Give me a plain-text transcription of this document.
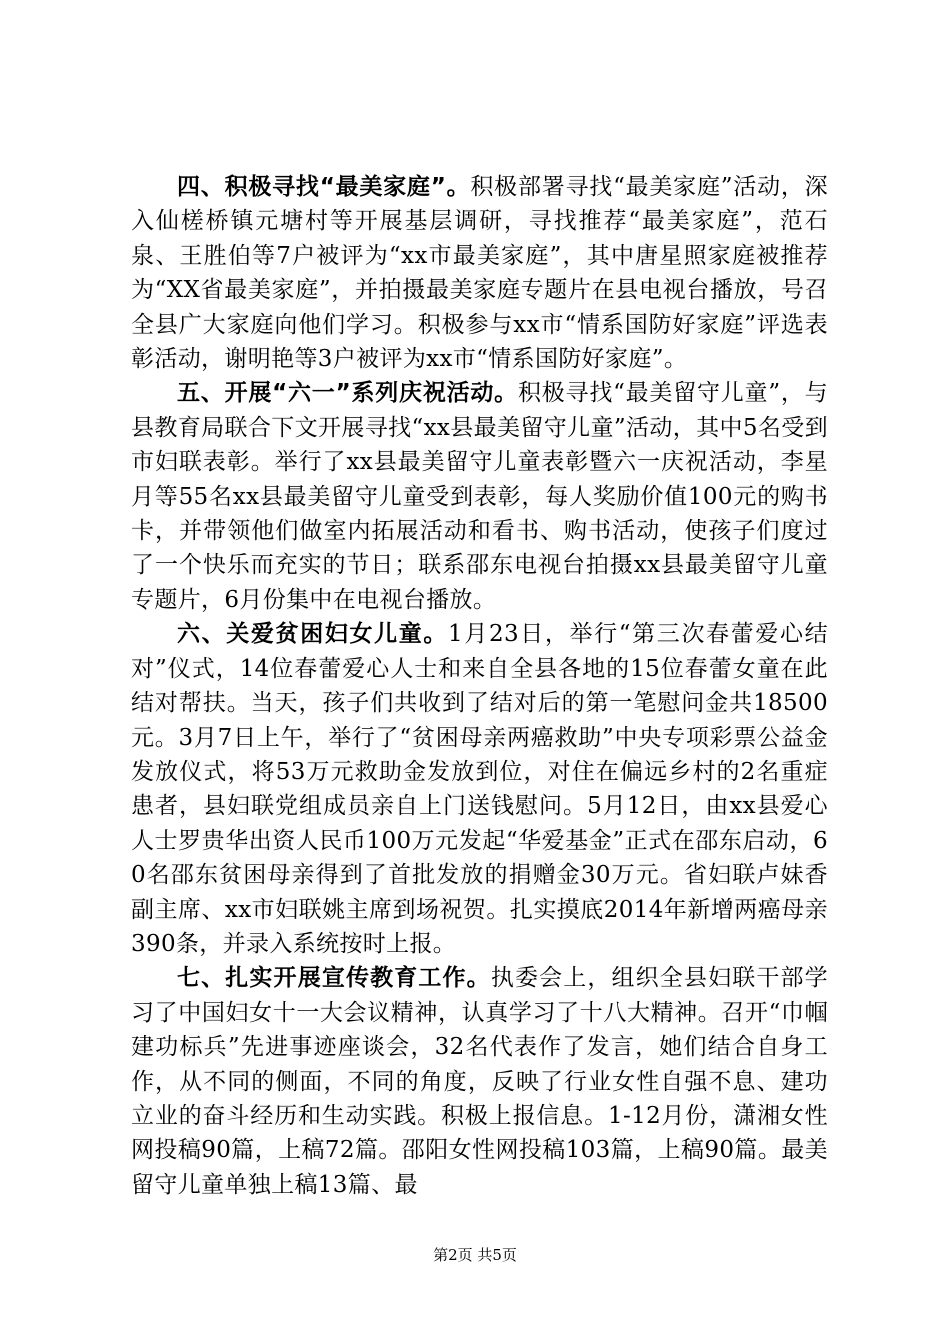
四、积极寻找“最美家庭”。积极部署寻找“最美家庭”活动，深入仙槎桥镇元塘村等开展基层调研，寻找推荐“最美家庭”，范石泉、王胜伯等7户被评为“xx市最美家庭”，其中唐星照家庭被推荐为“XX省最美家庭”，并拍摄最美家庭专题片在县电视台播放，号召全县广大家庭向他们学习。积极参与xx市“情系国防好家庭”评选表彰活动，谢明艳等3户被评为xx市“情系国防好家庭”。

五、开展“六一”系列庆祝活动。积极寻找“最美留守儿童”，与县教育局联合下文开展寻找“xx县最美留守儿童”活动，其中5名受到市妇联表彰。举行了xx县最美留守儿童表彰暨六一庆祝活动，李星月等55名xx县最美留守儿童受到表彰，每人奖励价值100元的购书卡，并带领他们做室内拓展活动和看书、购书活动，使孩子们度过了一个快乐而充实的节日；联系邵东电视台拍摄xx县最美留守儿童专题片，6月份集中在电视台播放。

六、关爱贫困妇女儿童。1月23日，举行“第三次春蕾爱心结对”仪式，14位春蕾爱心人士和来自全县各地的15位春蕾女童在此结对帮扶。当天，孩子们共收到了结对后的第一笔慰问金共18500元。3月7日上午，举行了“贫困母亲两癌救助”中央专项彩票公益金发放仪式，将53万元救助金发放到位，对住在偏远乡村的2名重症患者，县妇联党组成员亲自上门送钱慰问。5月12日，由xx县爱心人士罗贵华出资人民币100万元发起“华爱基金”正式在邵东启动，60名邵东贫困母亲得到了首批发放的捐赠金30万元。省妇联卢妹香副主席、xx市妇联姚主席到场祝贺。扎实摸底2014年新增两癌母亲390条，并录入系统按时上报。

七、扎实开展宣传教育工作。执委会上，组织全县妇联干部学习了中国妇女十一大会议精神，认真学习了十八大精神。召开“巾帼建功标兵”先进事迹座谈会，32名代表作了发言，她们结合自身工作，从不同的侧面，不同的角度，反映了行业女性自强不息、建功立业的奋斗经历和生动实践。积极上报信息。1-12月份，潇湘女性网投稿90篇，上稿72篇。邵阳女性网投稿103篇，上稿90篇。最美留守儿童单独上稿13篇、最

第2页 共5页
